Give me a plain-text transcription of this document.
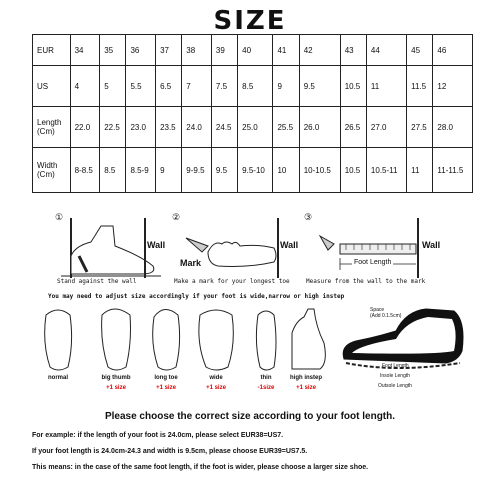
SIZE
EUR	34	35	36	37	38	39	40	41	42	43	44	45	46
US	4	5	5.5	6.5	7	7.5	8.5	9	9.5	10.5	11	11.5	12
Length
(Cm)	22.0	22.5	23.0	23.5	24.0	24.5	25.0	25.5	26.0	26.5	27.0	27.5	28.0
Width
(Cm)	8-8.5	8.5	8.5-9	9	9-9.5	9.5	9.5-10	10	10-10.5	10.5	10.5-11	11	11-11.5
①
Wall
Stand against the wall
②
Wall
Mark
Make a mark for your longest toe
③
Wall
Foot Length
Measure from the wall to the mark
You may need to adjust size accordingly if your foot is wide,narrow or high instep
normal	big thumb
+1 size
long toe
+1 size
wide
+1 size
thin
-1size
high instep
+1 size
Space
(Add 0.1.5cm)
Foot Length
Insole Length
Outsole Length
Please choose the correct size according to your foot length.
For example: if the length of your foot is 24.0cm, please select EUR38=US7.
If your foot length is 24.0cm-24.3 and width is 9.5cm, please choose EUR39=US7.5.
This means: in the case of the same foot length, if the foot is wider, please choose a larger size shoe.
